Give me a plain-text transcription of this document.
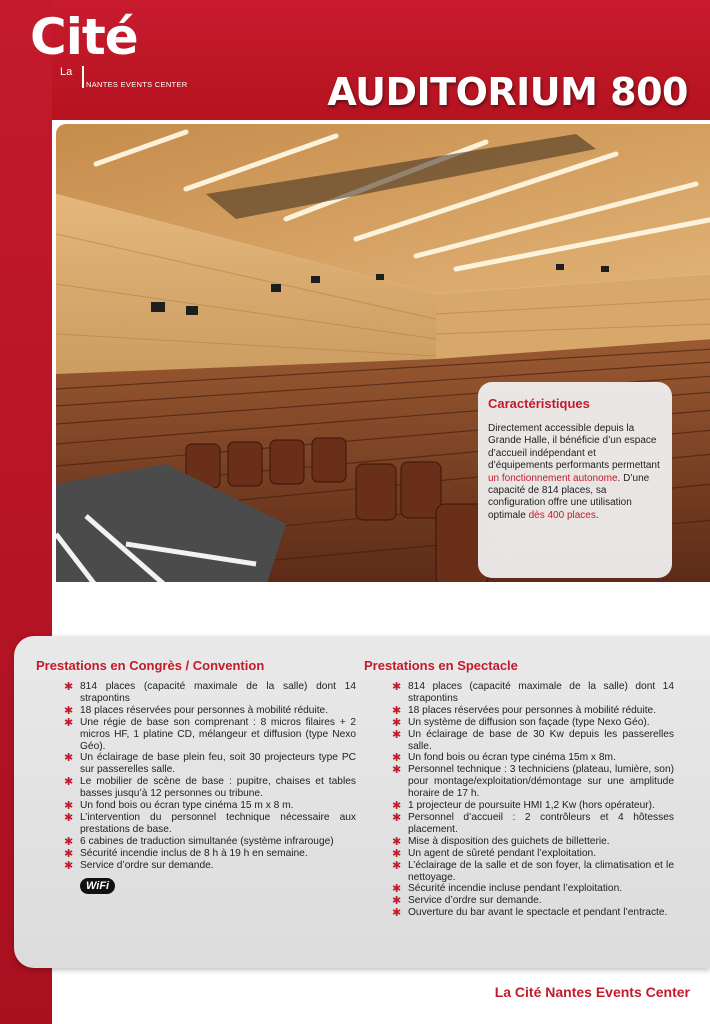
Cité
La
NANTES EVENTS CENTER	AUDITORIUM 800
Caractéristiques

Directement accessible depuis la Grande Halle, il bénéficie d’un espace d’accueil indépendant et d’équipements performants permettant un fonctionnement autonome. D’une capacité de 814 places, sa configuration offre une utilisation optimale dès 400 places.

Prestations en Congrès / Convention
✱ 814 places (capacité maximale de la salle) dont 14 strapontins
✱ 18 places réservées pour personnes à mobilité réduite.
✱ Une régie de base son comprenant : 8 micros filaires + 2 micros HF, 1 platine CD, mélangeur et diffusion (type Nexo Géo).
✱ Un éclairage de base plein feu, soit 30 projecteurs type PC sur passerelles salle.
✱ Le mobilier de scène de base : pupitre, chaises et tables basses jusqu’à 12 personnes ou tribune.
✱ Un fond bois ou écran type cinéma 15 m x 8 m.
✱ L’intervention du personnel technique nécessaire aux prestations de base.
✱ 6 cabines de traduction simultanée (système infrarouge)
✱ Sécurité incendie inclus de 8 h à 19 h en semaine.
✱ Service d’ordre sur demande.
WiFi
Prestations en Spectacle
✱ 814 places (capacité maximale de la salle) dont 14 strapontins
✱ 18 places réservées pour personnes à mobilité réduite.
✱ Un système de diffusion son façade (type Nexo Géo).
✱ Un éclairage de base de 30 Kw depuis les passerelles salle.
✱ Un fond bois ou écran type cinéma 15m x 8m.
✱ Personnel technique : 3 techniciens (plateau, lumière, son) pour montage/exploitation/démontage sur une amplitude horaire de 17 h.
✱ 1 projecteur de poursuite HMI 1,2 Kw (hors opérateur).
✱ Personnel d’accueil : 2 contrôleurs et 4 hôtesses placement.
✱ Mise à disposition des guichets de billetterie.
✱ Un agent de sûreté pendant l’exploitation.
✱ L’éclairage de la salle et de son foyer, la climatisation et le nettoyage.
✱ Sécurité incendie incluse pendant l’exploitation.
✱ Service d’ordre sur demande.
✱ Ouverture du bar avant le spectacle et pendant l’entracte.
La Cité Nantes Events Center
